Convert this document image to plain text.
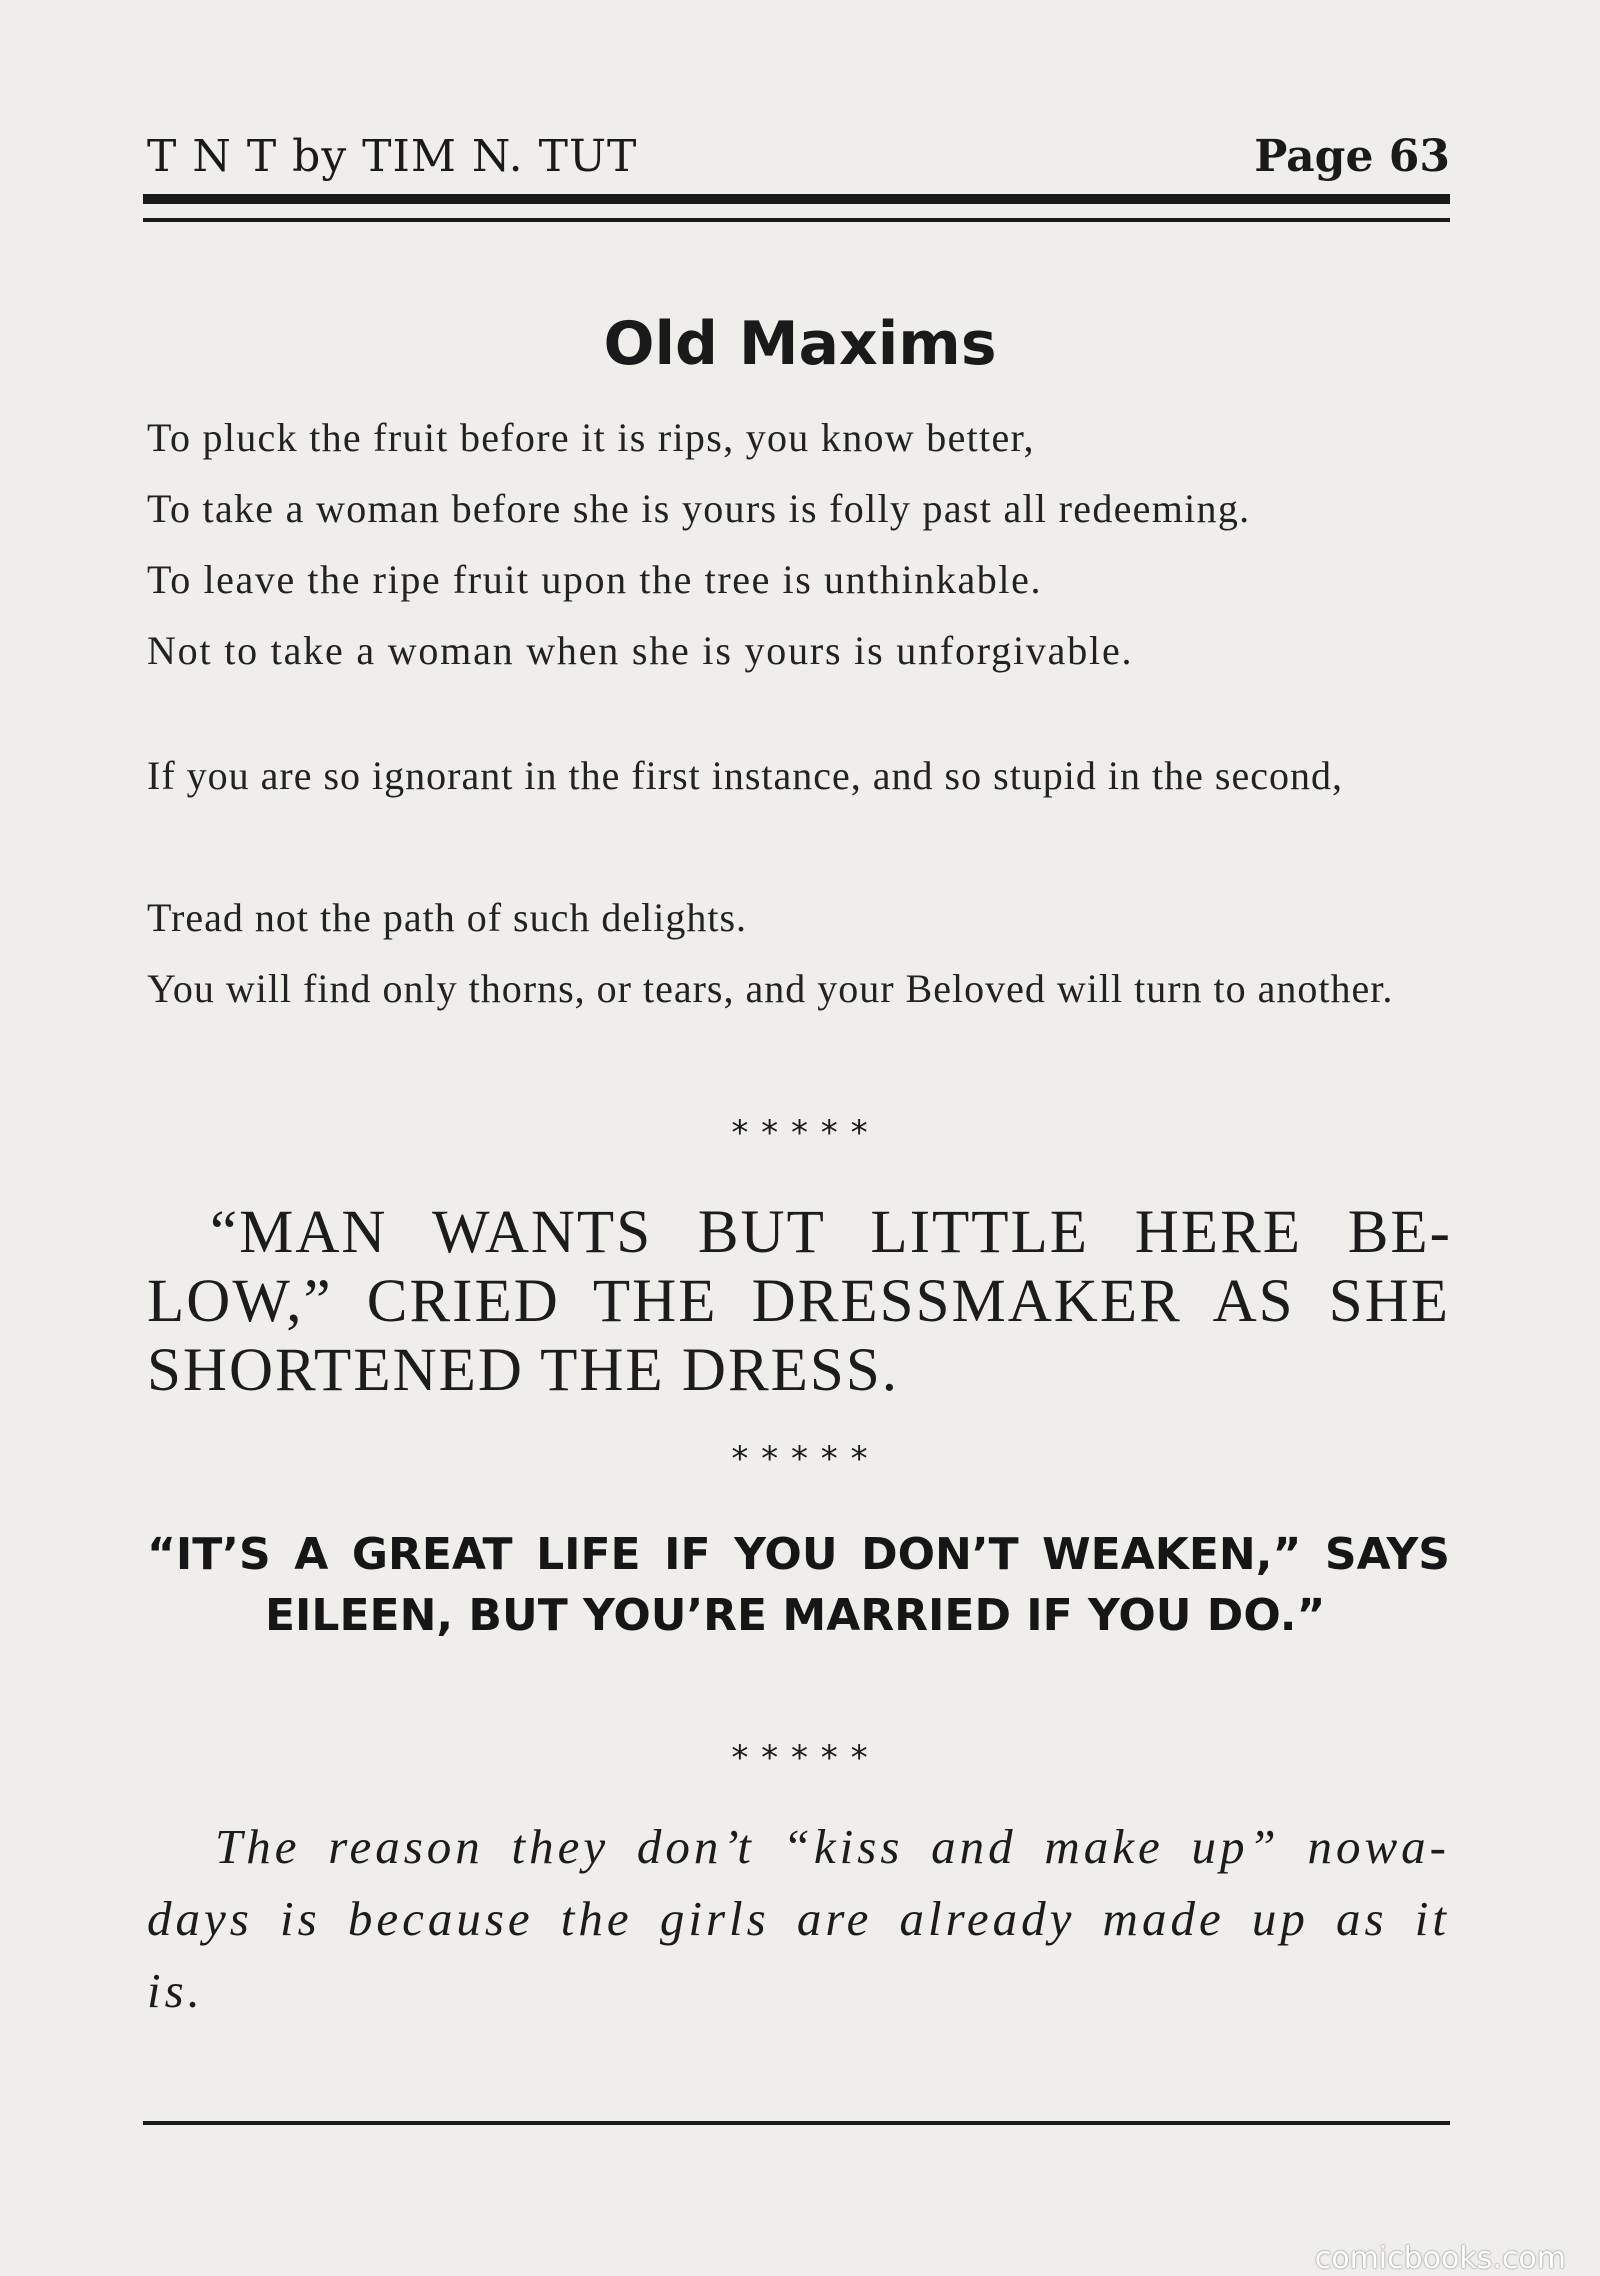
T N T by TIM N. TUT	Page 63
Old Maxims
To pluck the fruit before it is rips, you know better,
To take a woman before she is yours is folly past all redeeming.
To leave the ripe fruit upon the tree is unthinkable.
Not to take a woman when she is yours is unforgivable.
If you are so ignorant in the first instance, and so stupid in the second,
Tread not the path of such delights.
You will find only thorns, or tears, and your Beloved will turn to another.
* * * * *
“MAN WANTS BUT LITTLE HERE BELOW,” CRIED THE DRESSMAKER AS SHE SHORTENED THE DRESS.
* * * * *
“IT’S A GREAT LIFE IF YOU DON’T WEAKEN,” SAYS EILEEN, BUT YOU’RE MARRIED IF YOU DO.”
* * * * *
The reason they don’t “kiss and make up” nowa-days is because the girls are already made up as it is.
comicbooks.com
